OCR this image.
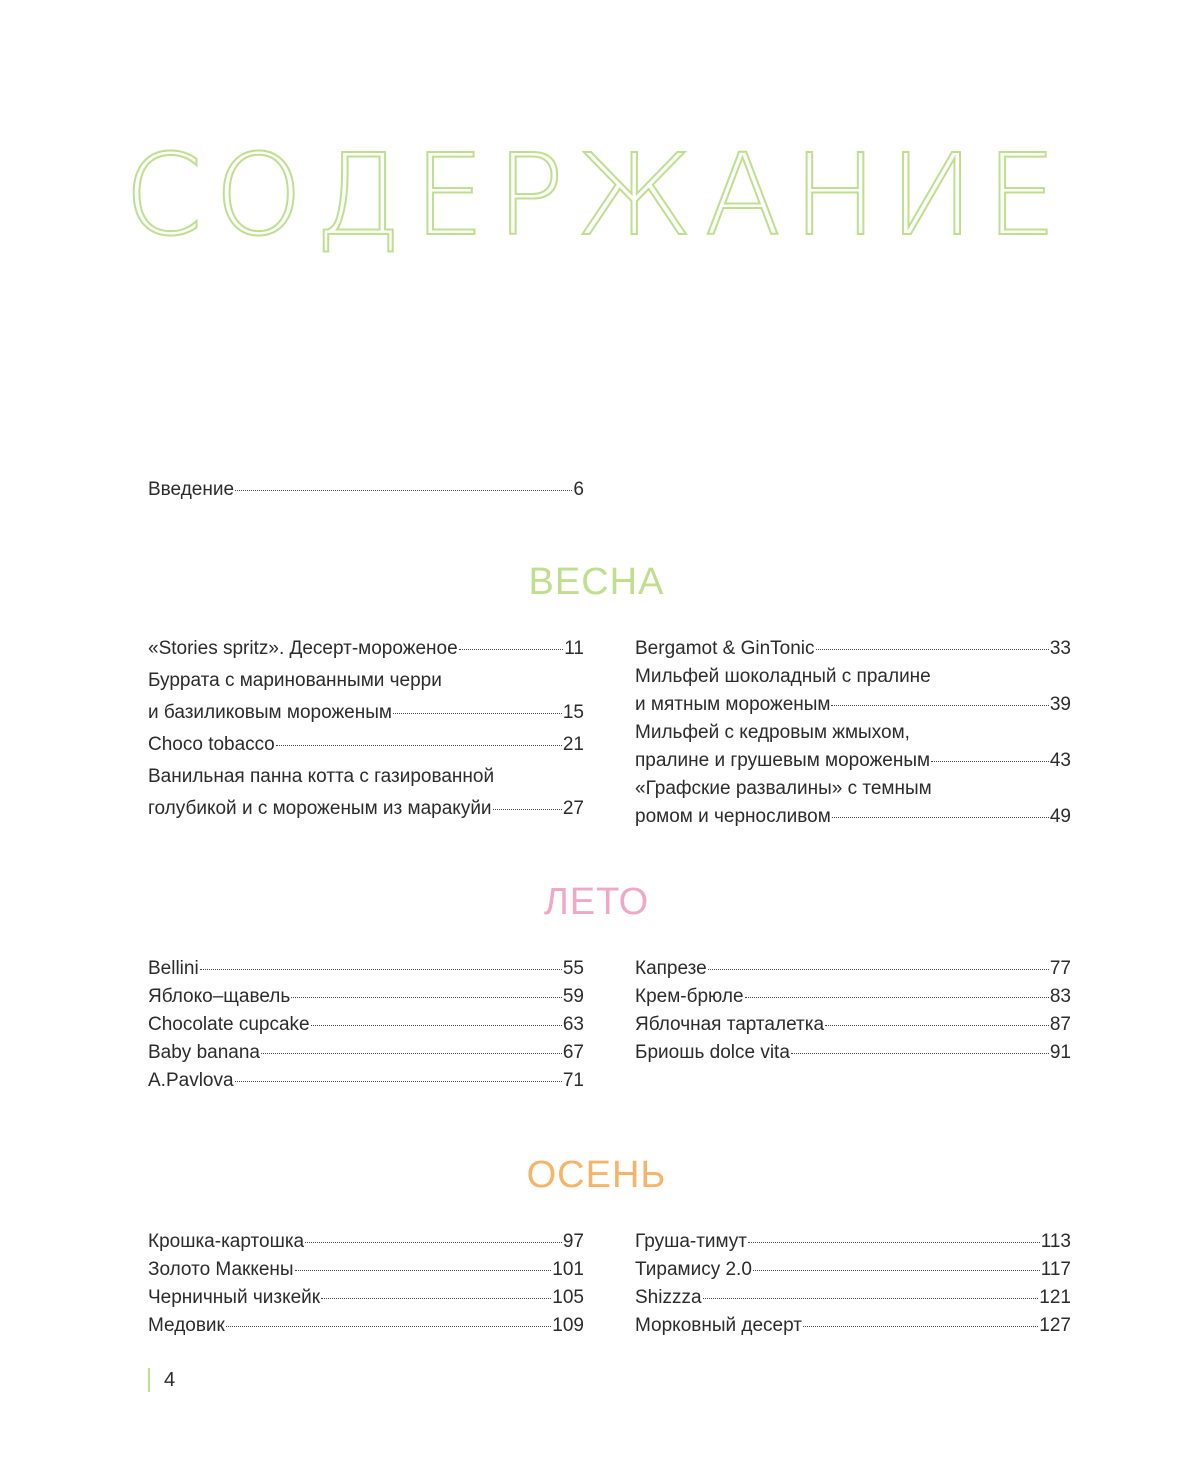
СОДЕРЖАНИЕ
Введение	6
ВЕСНА
«Stories spritz». Десерт-мороженое	11
Буррата с маринованными черри
и базиликовым мороженым	15
Choco tobacco	21
Ванильная панна котта с газированной
голубикой и с мороженым из маракуйи	27
Bergamot & GinTonic	33
Мильфей шоколадный с пралине
и мятным мороженым	39
Мильфей с кедровым жмыхом,
пралине и грушевым мороженым	43
«Графские развалины» с темным
ромом и черносливом	49
ЛЕТО
Bellini	55
Яблоко–щавель	59
Chocolate cupcake	63
Baby banana	67
A.Pavlova	71
Капрезе	77
Крем-брюле	83
Яблочная тарталетка	87
Бриошь dolce vita	91
ОСЕНЬ
Крошка-картошка	97
Золото Маккены	101
Черничный чизкейк	105
Медовик	109
Груша-тимут	113
Тирамису 2.0	117
Shizzza	121
Морковный десерт	127
4
